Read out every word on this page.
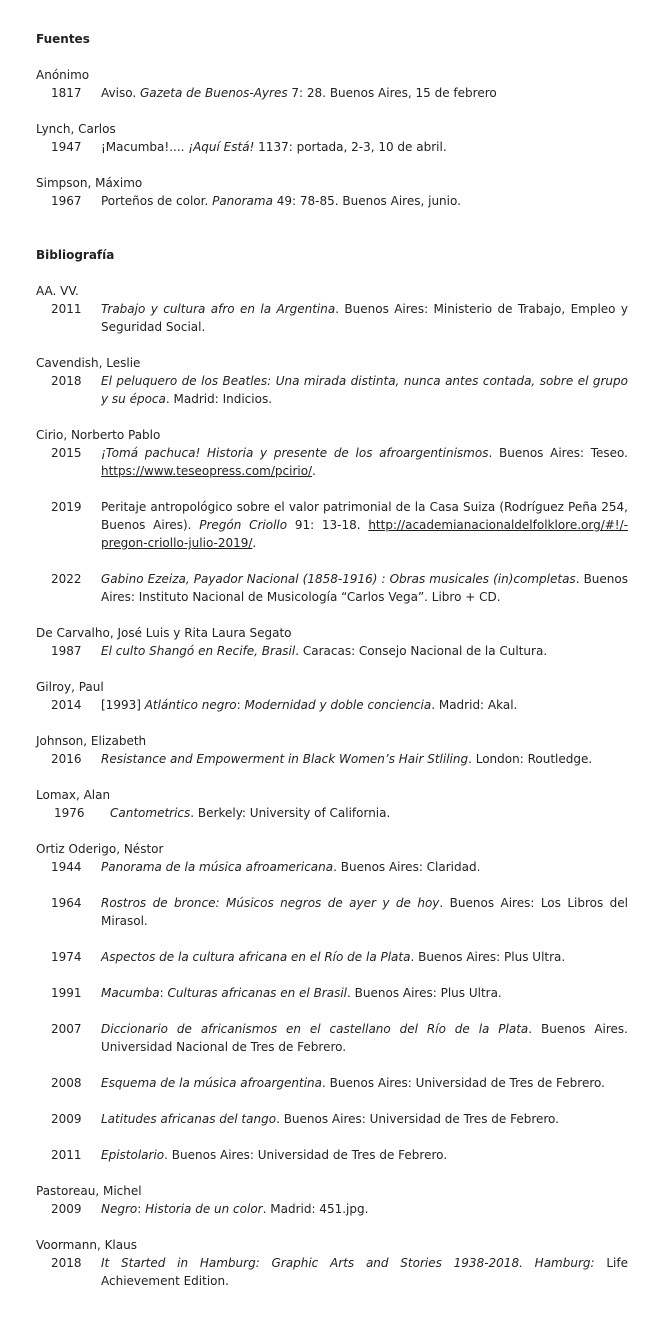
Fuentes

Anónimo

1817 Aviso. Gazeta de Buenos-Ayres 7: 28. Buenos Aires, 15 de febrero

Lynch, Carlos

1947 ¡Macumba!.... ¡Aquí Está! 1137: portada, 2-3, 10 de abril.

Simpson, Máximo

1967 Porteños de color. Panorama 49: 78-85. Buenos Aires, junio.

Bibliografía

AA. VV.

2011 Trabajo y cultura afro en la Argentina. Buenos Aires: Ministerio de Trabajo, Empleo y Seguridad Social.

Cavendish, Leslie

2018 El peluquero de los Beatles: Una mirada distinta, nunca antes contada, sobre el grupo y su época. Madrid: Indicios.

Cirio, Norberto Pablo

2015 ¡Tomá pachuca! Historia y presente de los afroargentinismos. Buenos Aires: Teseo. https://www.teseopress.com/pcirio/.
2019 Peritaje antropológico sobre el valor patrimonial de la Casa Suiza (Rodríguez Peña 254, Buenos Aires). Pregón Criollo 91: 13-18. http://academianacionaldelfolklore.org/#!/-pregon-criollo-julio-2019/.
2022 Gabino Ezeiza, Payador Nacional (1858-1916) : Obras musicales (in)completas. Buenos Aires: Instituto Nacional de Musicología “Carlos Vega”. Libro + CD.

De Carvalho, José Luis y Rita Laura Segato

1987 El culto Shangó en Recife, Brasil. Caracas: Consejo Nacional de la Cultura.

Gilroy, Paul

2014 [1993] Atlántico negro: Modernidad y doble conciencia. Madrid: Akal.

Johnson, Elizabeth

2016 Resistance and Empowerment in Black Women’s Hair Stliling. London: Routledge.

Lomax, Alan

1976 Cantometrics. Berkely: University of California.

Ortiz Oderigo, Néstor

1944 Panorama de la música afroamericana. Buenos Aires: Claridad.
1964 Rostros de bronce: Músicos negros de ayer y de hoy. Buenos Aires: Los Libros del Mirasol.
1974 Aspectos de la cultura africana en el Río de la Plata. Buenos Aires: Plus Ultra.
1991 Macumba: Culturas africanas en el Brasil. Buenos Aires: Plus Ultra.
2007 Diccionario de africanismos en el castellano del Río de la Plata. Buenos Aires. Universidad Nacional de Tres de Febrero.
2008 Esquema de la música afroargentina. Buenos Aires: Universidad de Tres de Febrero.
2009 Latitudes africanas del tango. Buenos Aires: Universidad de Tres de Febrero.
2011 Epistolario. Buenos Aires: Universidad de Tres de Febrero.

Pastoreau, Michel

2009 Negro: Historia de un color. Madrid: 451.jpg.

Voormann, Klaus

2018 It Started in Hamburg: Graphic Arts and Stories 1938-2018. Hamburg: Life Achievement Edition.
